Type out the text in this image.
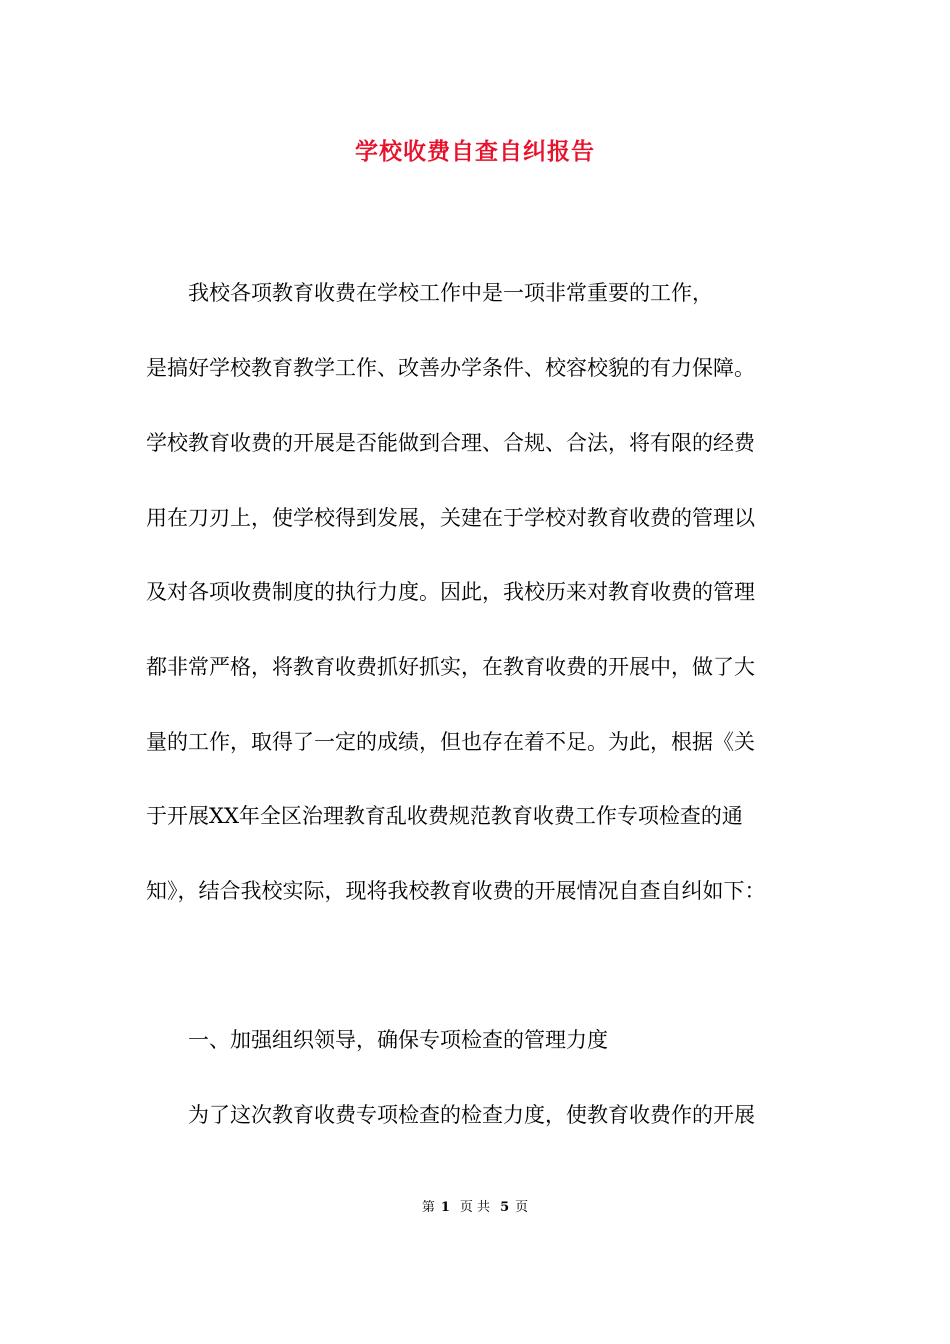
学校收费自查自纠报告
　　我校各项教育收费在学校工作中是一项非常重要的工作，
是搞好学校教育教学工作、改善办学条件、校容校貌的有力保障。
学校教育收费的开展是否能做到合理、合规、合法，将有限的经费
用在刀刃上，使学校得到发展，关建在于学校对教育收费的管理以
及对各项收费制度的执行力度。因此，我校历来对教育收费的管理
都非常严格，将教育收费抓好抓实，在教育收费的开展中，做了大
量的工作，取得了一定的成绩，但也存在着不足。为此，根据《关
于开展XX年全区治理教育乱收费规范教育收费工作专项检查的通
知》，结合我校实际，现将我校教育收费的开展情况自查自纠如下：
一、加强组织领导，确保专项检查的管理力度
为了这次教育收费专项检查的检查力度，使教育收费作的开展
第 1 页 共 5 页
